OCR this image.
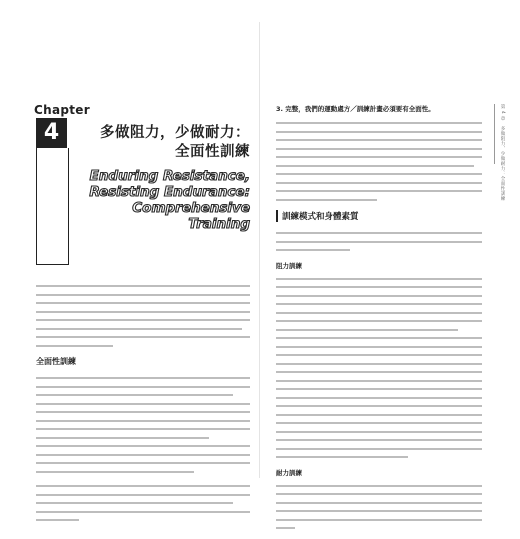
Chapter
4	多做阻力，少做耐力：
全面性訓練
Enduring Resistance,
Resisting Endurance:
Comprehensive Training
全面性訓練
第 4 章　多做阻力，少做耐力：全面性訓練
3. 完整，我們的運動處方／訓練計畫必須要有全面性。
訓練模式和身體素質
阻力訓練
耐力訓練
